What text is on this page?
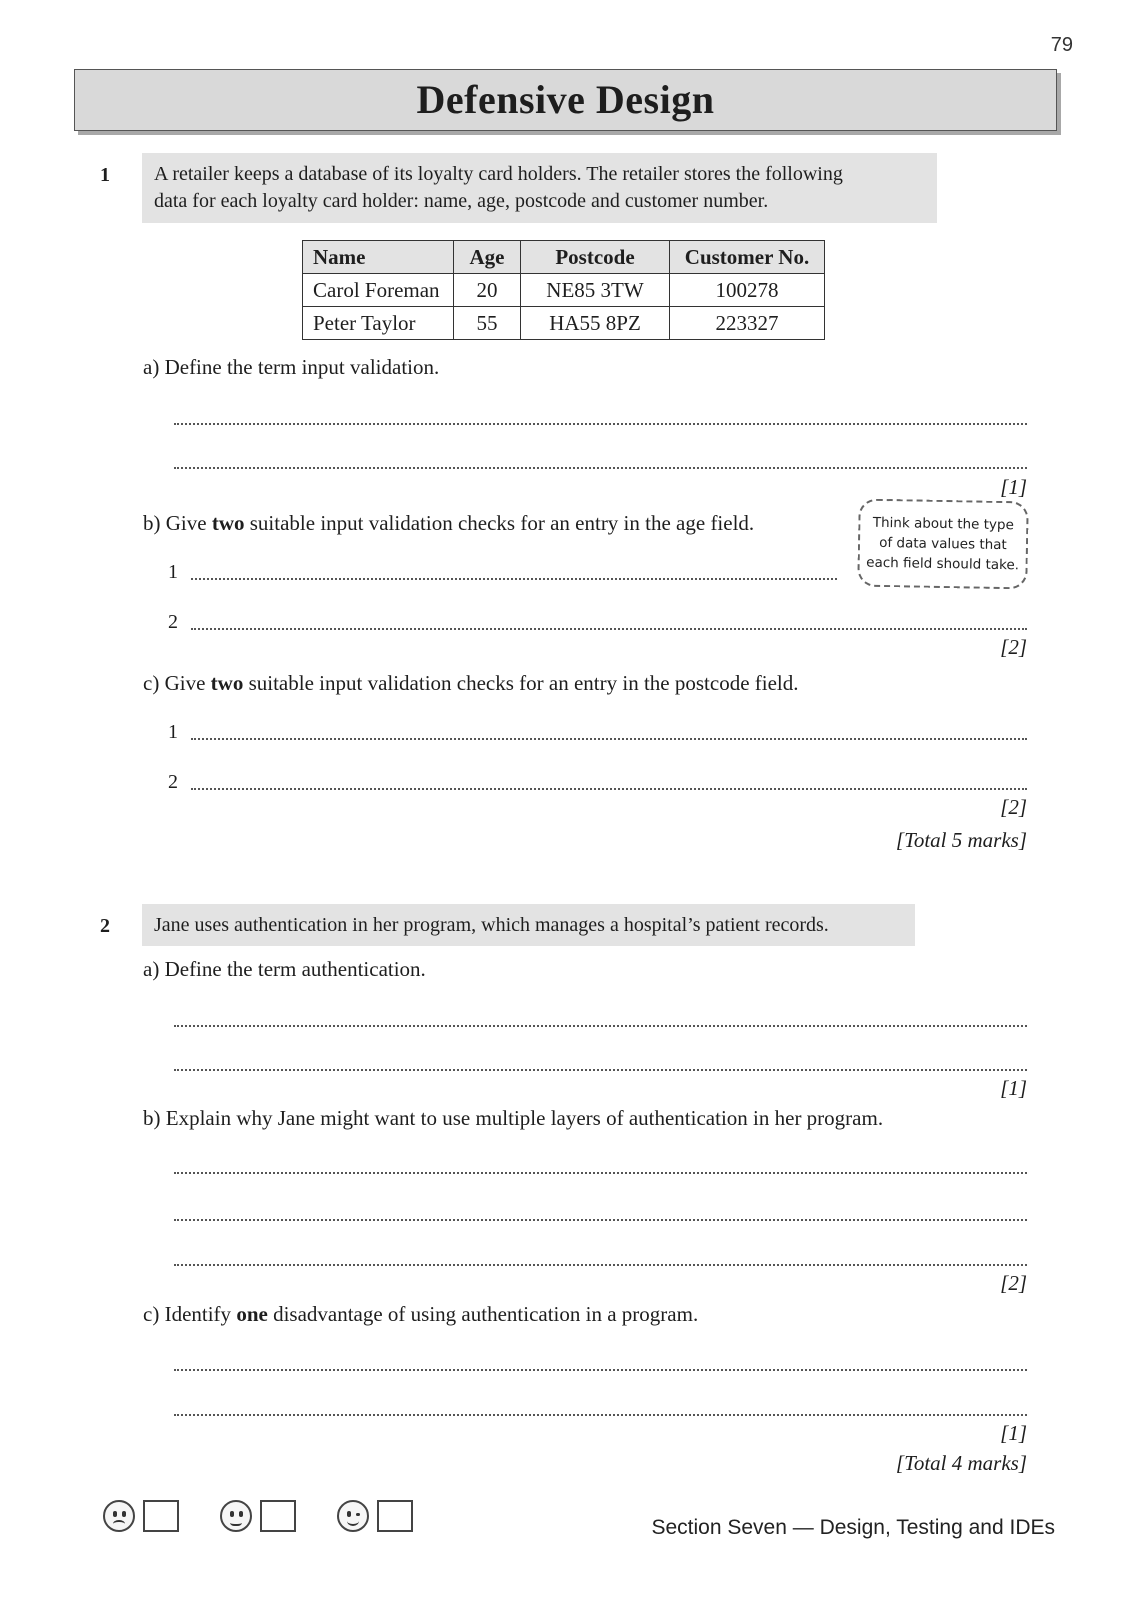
79
Defensive Design
1 A retailer keeps a database of its loyalty card holders. The retailer stores the following
data for each loyalty card holder: name, age, postcode and customer number.
Name	Age	Postcode	Customer No.
Carol Foreman	20	NE85 3TW	100278
Peter Taylor	55	HA55 8PZ	223327
a) Define the term input validation.
[1]
b) Give two suitable input validation checks for an entry in the age field.
1
2
[2]
Think about the type
of data values that
each field should take.
c) Give two suitable input validation checks for an entry in the postcode field.
1
2
[2]
[Total 5 marks]
2 Jane uses authentication in her program, which manages a hospital’s patient records.
a) Define the term authentication.
[1]
b) Explain why Jane might want to use multiple layers of authentication in her program.
[2]
c) Identify one disadvantage of using authentication in a program.
[1]
[Total 4 marks]
Section Seven — Design, Testing and IDEs
